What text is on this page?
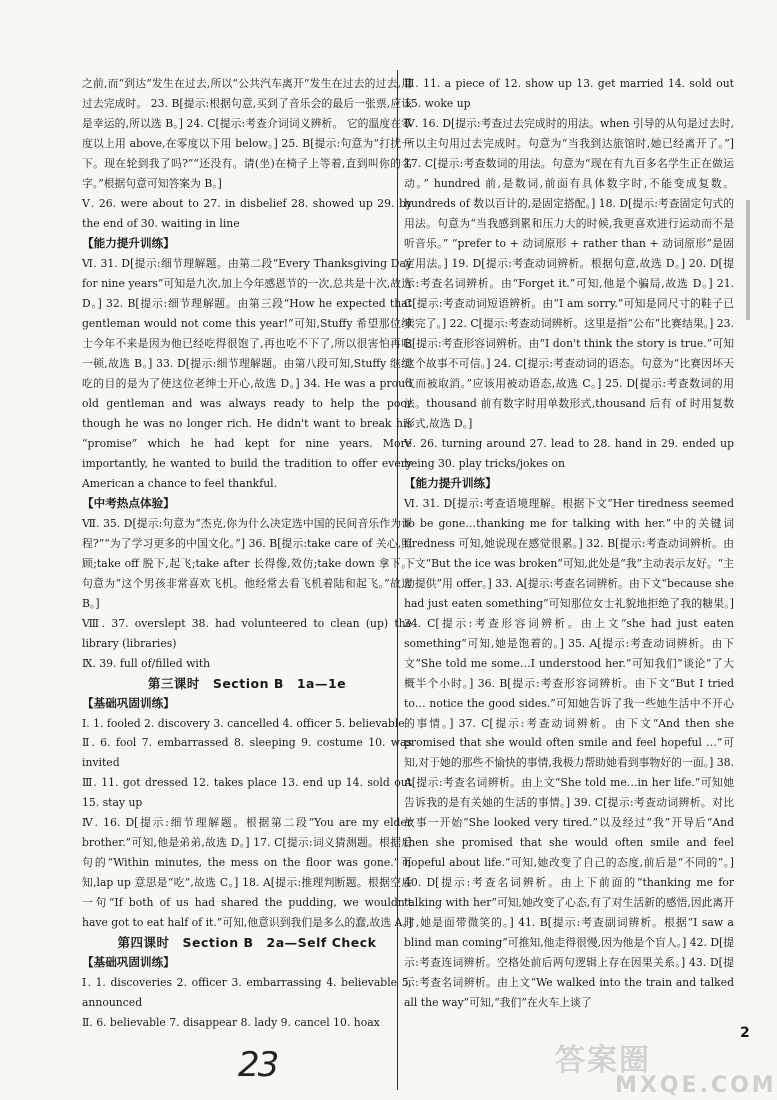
之前,而“到达”发生在过去,所以“公共汽车离开”发生在过去的过去,用过去完成时。 23. B[提示:根据句意,买到了音乐会的最后一张票,应该是幸运的,所以选 B。] 24. C[提示:考查介词词义辨析。 它的温度在零度以上用 above,在零度以下用 below。] 25. B[提示:句意为“打扰一下。现在轮到我了吗?”“还没有。请(坐)在椅子上等着,直到叫你的名字。”根据句意可知答案为 B。]
Ⅴ. 26. were about to 27. in disbelief 28. showed up 29. by the end of 30. waiting in line
【能力提升训练】
Ⅵ. 31. D[提示:细节理解题。由第二段“Every Thanksgiving Day for nine years”可知是九次,加上今年感恩节的一次,总共是十次,故选 D。] 32. B[提示:细节理解题。由第三段“How he expected that gentleman would not come this year!”可知,Stuffy 希望那位绅士今年不来是因为他已经吃得很饱了,再也吃不下了,所以很害怕再吃一顿,故选 B。] 33. D[提示:细节理解题。由第八段可知,Stuffy 继续吃的目的是为了使这位老绅士开心,故选 D。] 34. He was a proud old gentleman and was always ready to help the poor though he was no longer rich. He didn't want to break his “promise” which he had kept for nine years. More importantly, he wanted to build the tradition to offer every American a chance to feel thankful.
【中考热点体验】
Ⅶ. 35. D[提示:句意为“杰克,你为什么决定选中国的民间音乐作为课程?”“为了学习更多的中国文化。”] 36. B[提示:take care of 关心,照顾;take off 脱下,起飞;take after 长得像,效仿;take down 拿下。句意为“这个男孩非常喜欢飞机。他经常去看飞机着陆和起飞。”故选 B。]
Ⅷ. 37. overslept 38. had volunteered to clean (up) the library (libraries)
Ⅸ. 39. full of/filled with
第三课时　Section B　1a—1e
【基础巩固训练】
Ⅰ. 1. fooled 2. discovery 3. cancelled 4. officer 5. believable
Ⅱ. 6. fool 7. embarrassed 8. sleeping 9. costume 10. was invited
Ⅲ. 11. got dressed 12. takes place 13. end up 14. sold out 15. stay up
Ⅳ. 16. D[提示:细节理解题。根据第二段“You are my elder brother.”可知,他是弟弟,故选 D。] 17. C[提示:词义猜测题。根据后句的“Within minutes, the mess on the floor was gone.”可知,lap up 意思是“吃”,故选 C。] 18. A[提示:推理判断题。根据空后一句“If both of us had shared the pudding, we wouldn't have got to eat half of it.”可知,他意识到我们是多么的蠢,故选 A。]
第四课时　Section B　2a—Self Check
【基础巩固训练】
Ⅰ. 1. discoveries 2. officer 3. embarrassing 4. believable 5. announced
Ⅱ. 6. believable 7. disappear 8. lady 9. cancel 10. hoax
Ⅲ. 11. a piece of 12. show up 13. get married 14. sold out 15. woke up
Ⅳ. 16. D[提示:考查过去完成时的用法。when 引导的从句是过去时,所以主句用过去完成时。句意为“当我到达旅馆时,她已经离开了。”] 17. C[提示:考查数词的用法。句意为“现在有九百多名学生正在做运动。” hundred 前,是数词,前面有具体数字时,不能变成复数。hundreds of 数以百计的,是固定搭配。] 18. D[提示:考查固定句式的用法。句意为“当我感到累和压力大的时候,我更喜欢进行运动而不是听音乐。” “prefer to + 动词原形 + rather than + 动词原形”是固定用法。] 19. D[提示:考查动词辨析。根据句意,故选 D。] 20. D[提示:考查名词辨析。由“Forget it.”可知,他是个骗局,故选 D。] 21. C[提示:考查动词短语辨析。由“I am sorry.”可知是同尺寸的鞋子已卖完了。] 22. C[提示:考查动词辨析。这里是指“公布”比赛结果。] 23. B[提示:考查形容词辨析。由“I don't think the story is true.”可知这个故事不可信。] 24. C[提示:考查动词的语态。句意为“比赛因坏天气而被取消。”应该用被动语态,故选 C。] 25. D[提示:考查数词的用法。thousand 前有数字时用单数形式,thousand 后有 of 时用复数形式,故选 D。]
Ⅴ. 26. turning around 27. lead to 28. hand in 29. ended up being 30. play tricks/jokes on
【能力提升训练】
Ⅵ. 31. D[提示:考查语境理解。根据下文“Her tiredness seemed to be gone…thanking me for talking with her.”中的关键词 tiredness 可知,她说现在感觉很累。] 32. B[提示:考查动词辨析。由下文“But the ice was broken”可知,此处是“我”主动表示友好。“主动提供”用 offer。] 33. A[提示:考查名词辨析。由下文“because she had just eaten something”可知那位女士礼貌地拒绝了我的糖果。] 34. C[提示:考查形容词辨析。由上文“she had just eaten something”可知,她是饱着的。] 35. A[提示:考查动词辨析。由下文“She told me some…I understood her.”可知我们“谈论”了大概半个小时。] 36. B[提示:考查形容词辨析。由下文“But I tried to… notice the good sides.”可知她告诉了我一些她生活中不开心的事情。] 37. C[提示:考查动词辨析。由下文“And then she promised that she would often smile and feel hopeful …”可知,对于她的那些不愉快的事情,我极力帮助她看到事物好的一面。] 38. A[提示:考查名词辨析。由上文“She told me…in her life.”可知她告诉我的是有关她的生活的事情。] 39. C[提示:考查动词辨析。对比故事一开始“She looked very tired.”以及经过“我”开导后“And then she promised that she would often smile and feel hopeful about life.”可知,她改变了自己的态度,前后是“不同的”。] 40. D[提示:考查名词辨析。由上下前面的“thanking me for talking with her”可知,她改变了心态,有了对生活新的感悟,因此离开时,她是面带微笑的。] 41. B[提示:考查副词辨析。根据“I saw a blind man coming”可推知,他走得很慢,因为他是个盲人。] 42. D[提示:考查连词辨析。空格处前后两句逻辑上存在因果关系。] 43. D[提示:考查名词辨析。由上文“We walked into the train and talked all the way”可知,“我们”在火车上谈了
2
23	答案圈
MXQE.COM
